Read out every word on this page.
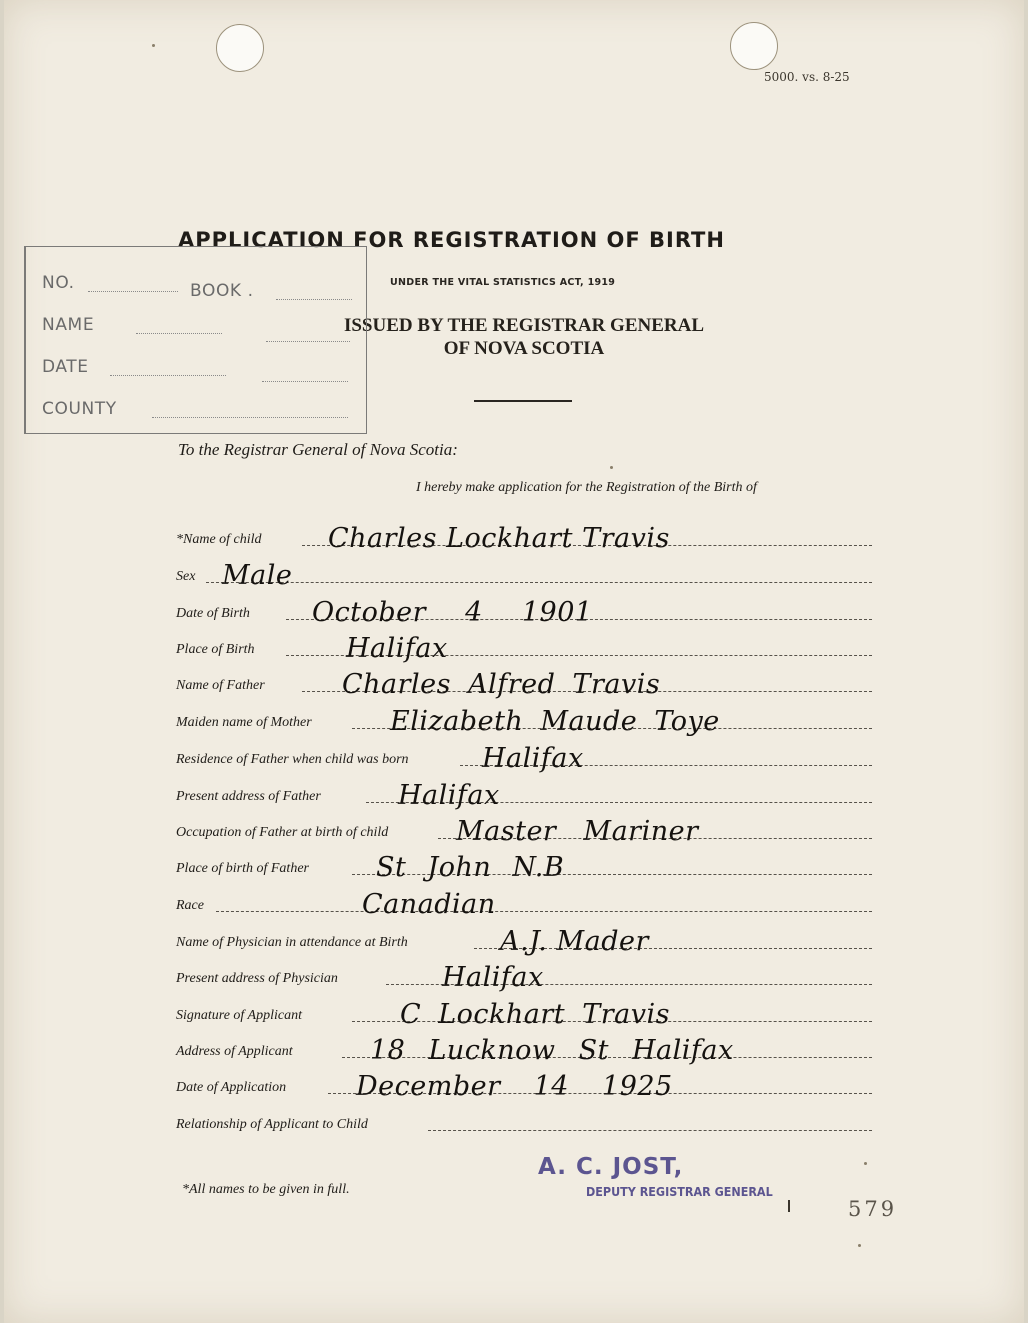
5000. vs. 8-25
APPLICATION FOR REGISTRATION OF BIRTH
UNDER THE VITAL STATISTICS ACT, 1919
ISSUED BY THE REGISTRAR GENERAL
OF NOVA SCOTIA
NO.	BOOK .
NAME
DATE
COUNTY
To the Registrar General of Nova Scotia:
I hereby make application for the Registration of the Birth of
*Name of child Charles Lockhart Travis
Sex Male
Date of Birth October 4 1901
Place of Birth	Halifax
Name of Father	Charles Alfred Travis
Maiden name of Mother	Elizabeth Maude Toye
Residence of Father when child was born	Halifax
Present address of Father	Halifax
Occupation of Father at birth of child	Master Mariner
Place of birth of Father St John N.B
Race	Canadian
Name of Physician in attendance at Birth	A.J. Mader
Present address of Physician	Halifax
Signature of Applicant	C Lockhart Travis
Address of Applicant	18 Lucknow St Halifax
Date of Application	December 14 1925
Relationship of Applicant to Child
*All names to be given in full.
A. C. JOST,
DEPUTY REGISTRAR GENERAL
579
